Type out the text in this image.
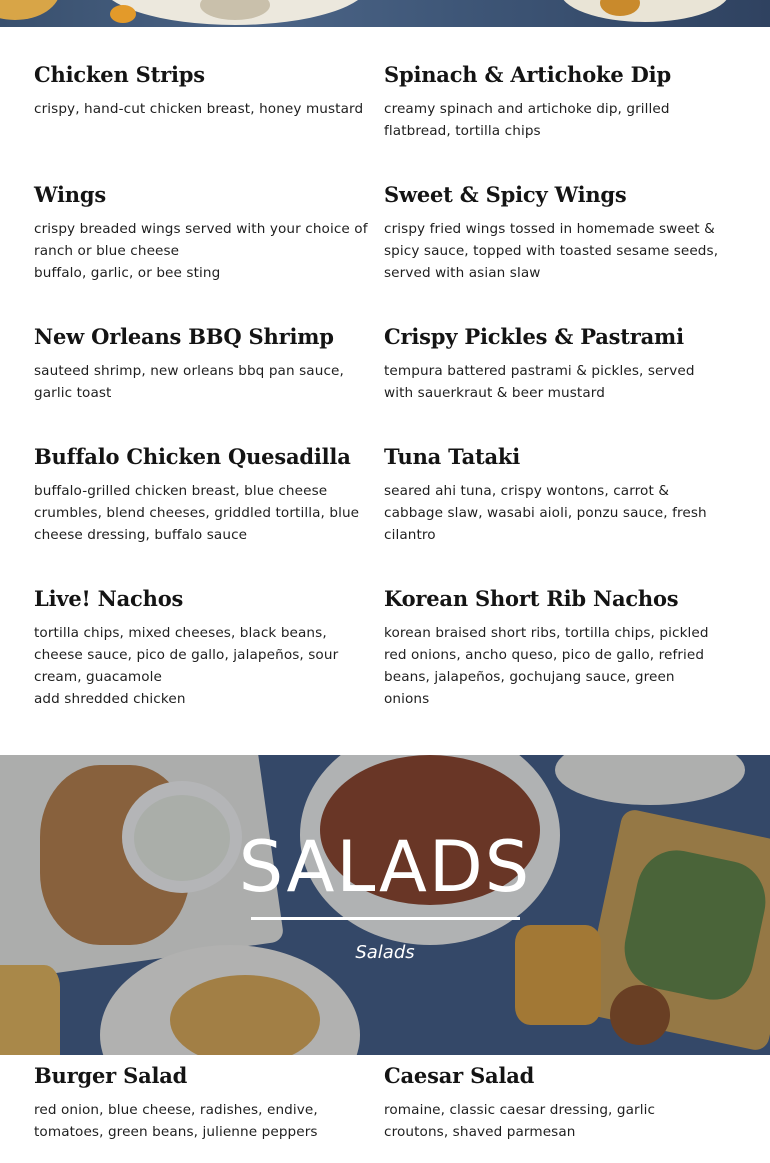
Chicken Strips
crispy, hand-cut chicken breast, honey mustard
Spinach & Artichoke Dip
creamy spinach and artichoke dip, grilled flatbread, tortilla chips
Wings
crispy breaded wings served with your choice of ranch or blue cheese
buffalo, garlic, or bee sting
Sweet & Spicy Wings
crispy fried wings tossed in homemade sweet & spicy sauce, topped with toasted sesame seeds, served with asian slaw
New Orleans BBQ Shrimp
sauteed shrimp, new orleans bbq pan sauce, garlic toast
Crispy Pickles & Pastrami
tempura battered pastrami & pickles, served with sauerkraut & beer mustard
Buffalo Chicken Quesadilla
buffalo-grilled chicken breast, blue cheese crumbles, blend cheeses, griddled tortilla, blue cheese dressing, buffalo sauce
Tuna Tataki
seared ahi tuna, crispy wontons, carrot & cabbage slaw, wasabi aioli, ponzu sauce, fresh cilantro
Live! Nachos
tortilla chips, mixed cheeses, black beans, cheese sauce, pico de gallo, jalapeños, sour cream, guacamole
add shredded chicken
Korean Short Rib Nachos
korean braised short ribs, tortilla chips, pickled red onions, ancho queso, pico de gallo, refried beans, jalapeños, gochujang sauce, green onions
SALADS
Salads
Burger Salad
red onion, blue cheese, radishes, endive, tomatoes, green beans, julienne peppers
Caesar Salad
romaine, classic caesar dressing, garlic croutons, shaved parmesan
